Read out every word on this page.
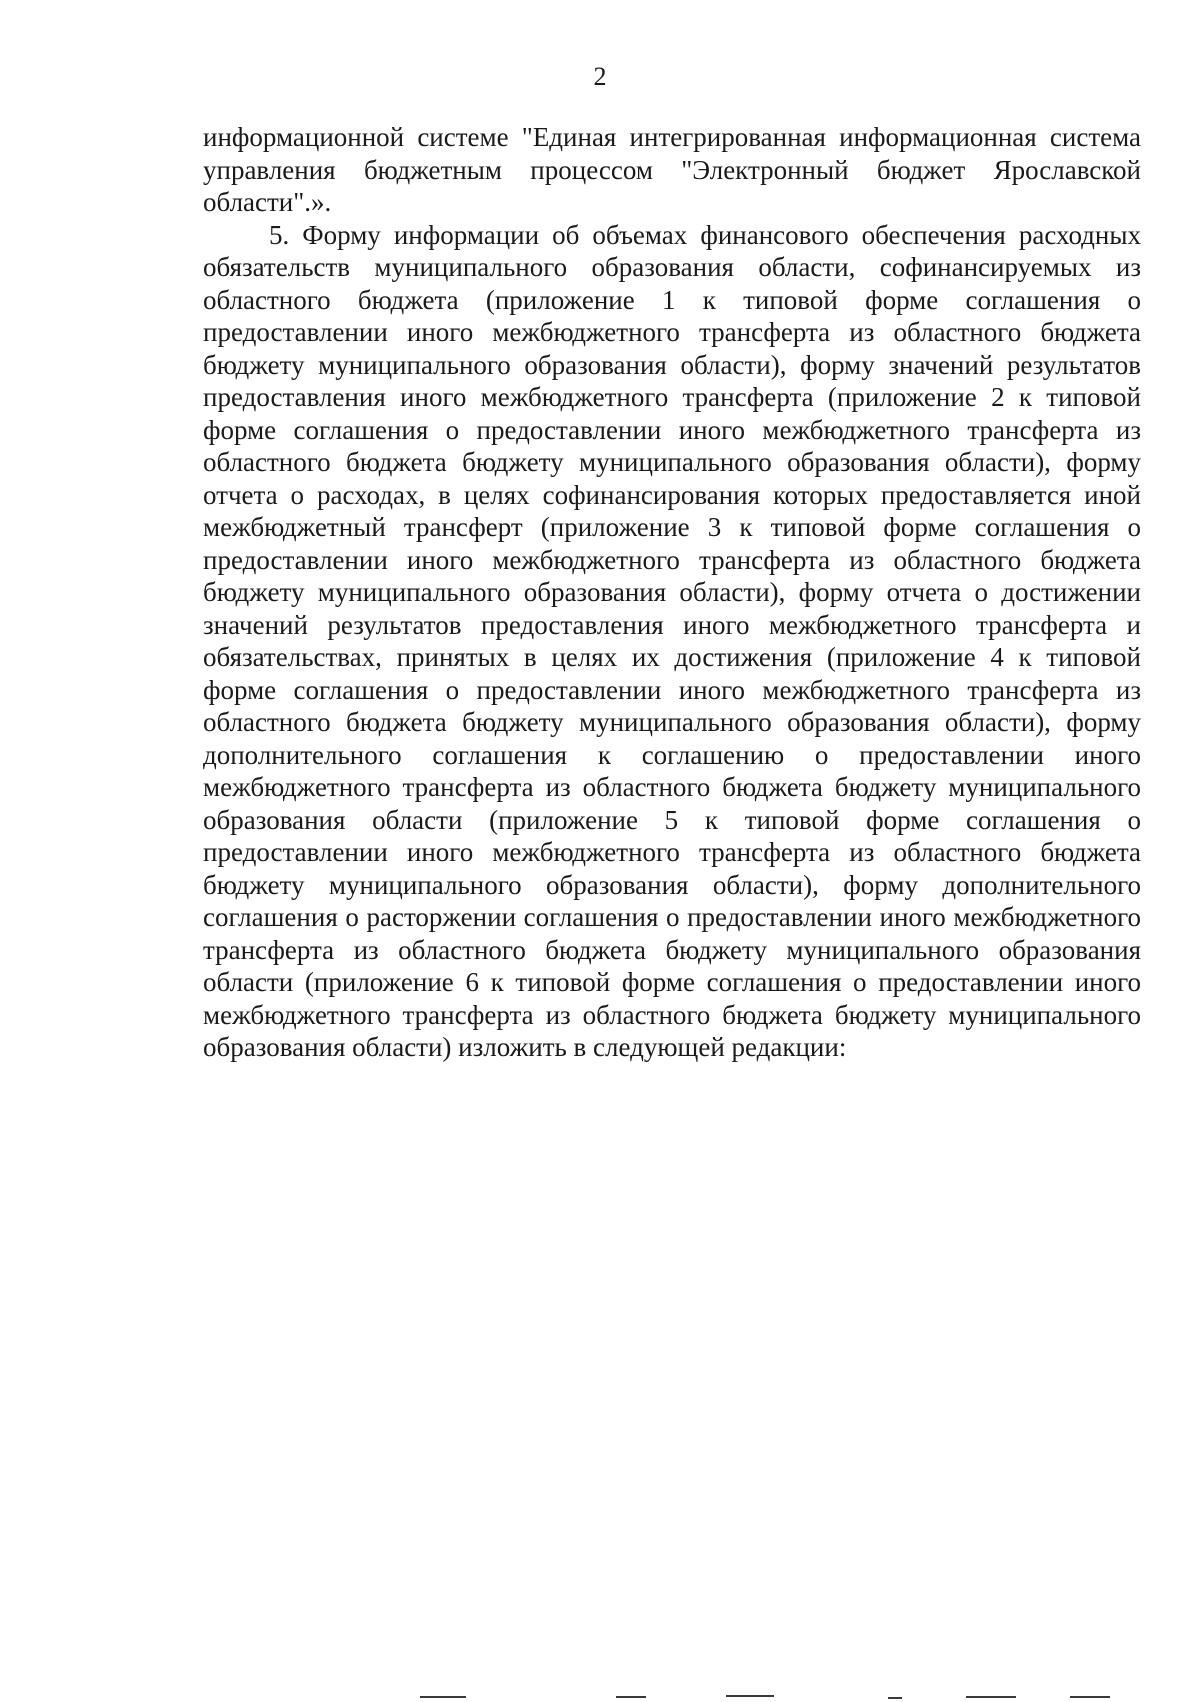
2

информационной системе "Единая интегрированная информационная система управления бюджетным процессом "Электронный бюджет Ярославской области".».

5. Форму информации об объемах финансового обеспечения расходных обязательств муниципального образования области, софинансируемых из областного бюджета (приложение 1 к типовой форме соглашения о предоставлении иного межбюджетного трансферта из областного бюджета бюджету муниципального образования области), форму значений результатов предоставления иного межбюджетного трансферта (приложение 2 к типовой форме соглашения о предоставлении иного межбюджетного трансферта из областного бюджета бюджету муниципального образования области), форму отчета о расходах, в целях софинансирования которых предоставляется иной межбюджетный трансферт (приложение 3 к типовой форме соглашения о предоставлении иного межбюджетного трансферта из областного бюджета бюджету муниципального образования области), форму отчета о достижении значений результатов предоставления иного межбюджетного трансферта и обязательствах, принятых в целях их достижения (приложение 4 к типовой форме соглашения о предоставлении иного межбюджетного трансферта из областного бюджета бюджету муниципального образования области), форму дополнительного соглашения к соглашению о предоставлении иного межбюджетного трансферта из областного бюджета бюджету муниципального образования области (приложение 5 к типовой форме соглашения о предоставлении иного межбюджетного трансферта из областного бюджета бюджету муниципального образования области), форму дополнительного соглашения о расторжении соглашения о предоставлении иного межбюджетного трансферта из областного бюджета бюджету муниципального образования области (приложение 6 к типовой форме соглашения о предоставлении иного межбюджетного трансферта из областного бюджета бюджету муниципального образования области) изложить в следующей редакции:
